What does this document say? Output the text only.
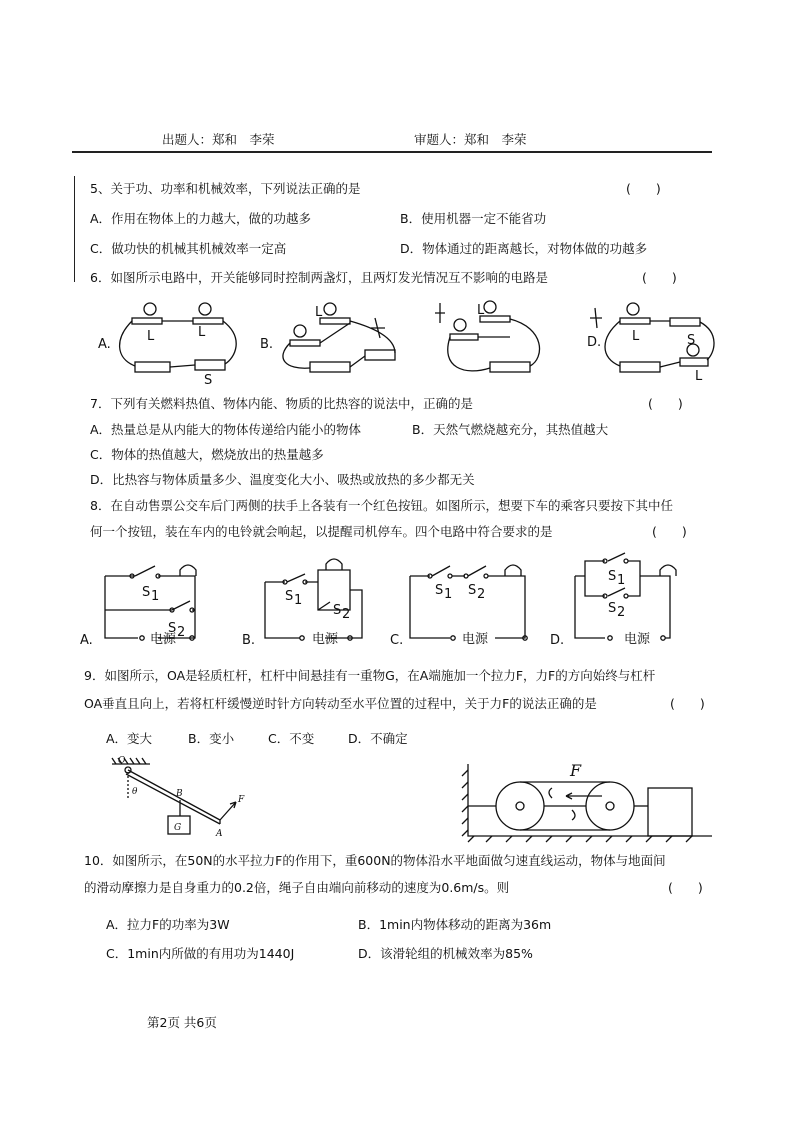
出题人：郑和　李荣	审题人：郑和　李荣
5、关于功、功率和机械效率，下列说法正确的是	(　　)
A．作用在物体上的力越大，做的功越多	B．使用机器一定不能省功
C．做功快的机械其机械效率一定高	D．物体通过的距离越长，对物体做的功越多
6．如图所示电路中，开关能够同时控制两盏灯，且两灯发光情况互不影响的电路是	(　　)
A.
L	L
S
B.
L	L
D. L	S
L
7．下列有关燃料热值、物体内能、物质的比热容的说法中，正确的是	(　　)
A．热量总是从内能大的物体传递给内能小的物体	B．天然气燃烧越充分，其热值越大
C．物体的热值越大，燃烧放出的热量越多
D．比热容与物体质量多少、温度变化大小、吸热或放热的多少都无关
8．在自动售票公交车后门两侧的扶手上各装有一个红色按钮。如图所示，想要下车的乘客只要按下其中任
何一个按钮，装在车内的电铃就会响起，以提醒司机停车。四个电路中符合要求的是	(　　)
S 1
S 2
电源
A.
S 1
S 2
电源
B.
S 1 S 2
电源
C.
S 1
S 2
电源
D.
9．如图所示，OA是轻质杠杆，杠杆中间悬挂有一重物G，在A端施加一个拉力F，力F的方向始终与杠杆
OA垂直且向上，若将杠杆缓慢逆时针方向转动至水平位置的过程中，关于力F的说法正确的是	(　　)
A．变大	B．变小	C．不变	D．不确定
O
θ	B
G
A
F
F
10．如图所示，在50N的水平拉力F的作用下，重600N的物体沿水平地面做匀速直线运动，物体与地面间
的滑动摩擦力是自身重力的0.2倍，绳子自由端向前移动的速度为0.6m/s。则	(　　)
A．拉力F的功率为3W	B．1min内物体移动的距离为36m
C．1min内所做的有用功为1440J	D．该滑轮组的机械效率为85%
第2页 共6页
